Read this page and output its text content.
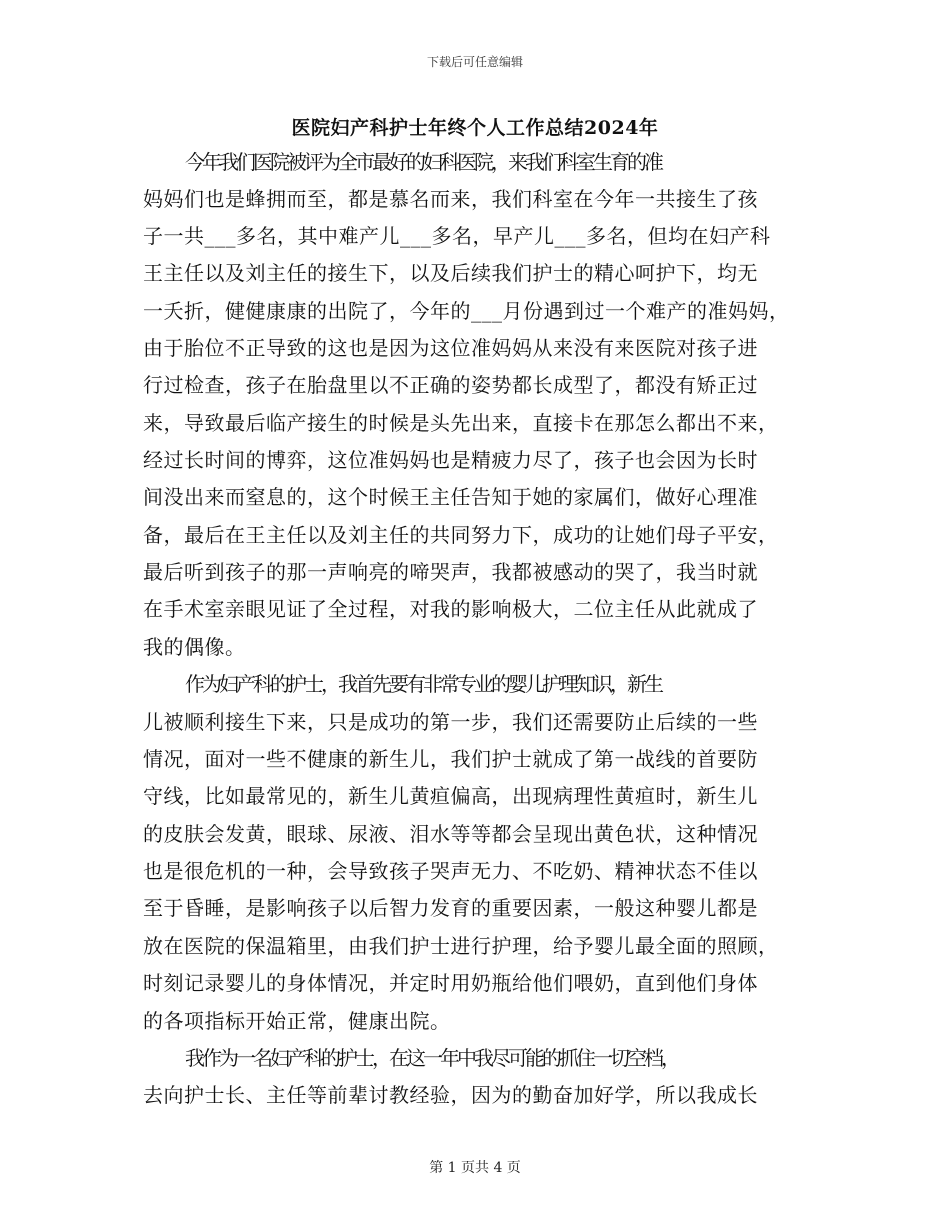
下载后可任意编辑
医院妇产科护士年终个人工作总结2024年

今年我们医院被评为全市最好的妇科医院，来我们科室生育的准

妈妈们也是蜂拥而至，都是慕名而来，我们科室在今年一共接生了孩

子一共___多名，其中难产儿___多名，早产儿___多名，但均在妇产科

王主任以及刘主任的接生下，以及后续我们护士的精心呵护下，均无

一夭折，健健康康的出院了，今年的___月份遇到过一个难产的准妈妈，

由于胎位不正导致的这也是因为这位准妈妈从来没有来医院对孩子进

行过检查，孩子在胎盘里以不正确的姿势都长成型了，都没有矫正过

来，导致最后临产接生的时候是头先出来，直接卡在那怎么都出不来，

经过长时间的博弈，这位准妈妈也是精疲力尽了，孩子也会因为长时

间没出来而窒息的，这个时候王主任告知于她的家属们，做好心理准

备，最后在王主任以及刘主任的共同努力下，成功的让她们母子平安，

最后听到孩子的那一声响亮的啼哭声，我都被感动的哭了，我当时就

在手术室亲眼见证了全过程，对我的影响极大，二位主任从此就成了

我的偶像。

作为妇产科的护士，我首先要有非常专业的婴儿护理知识，新生

儿被顺利接生下来，只是成功的第一步，我们还需要防止后续的一些

情况，面对一些不健康的新生儿，我们护士就成了第一战线的首要防

守线，比如最常见的，新生儿黄疸偏高，出现病理性黄疸时，新生儿

的皮肤会发黄，眼球、尿液、泪水等等都会呈现出黄色状，这种情况

也是很危机的一种，会导致孩子哭声无力、不吃奶、精神状态不佳以

至于昏睡，是影响孩子以后智力发育的重要因素，一般这种婴儿都是

放在医院的保温箱里，由我们护士进行护理，给予婴儿最全面的照顾，

时刻记录婴儿的身体情况，并定时用奶瓶给他们喂奶，直到他们身体

的各项指标开始正常，健康出院。

我作为一名妇产科的护士，在这一年中我尽可能的抓住一切空档，

去向护士长、主任等前辈讨教经验，因为的勤奋加好学，所以我成长

第 1 页共 4 页
